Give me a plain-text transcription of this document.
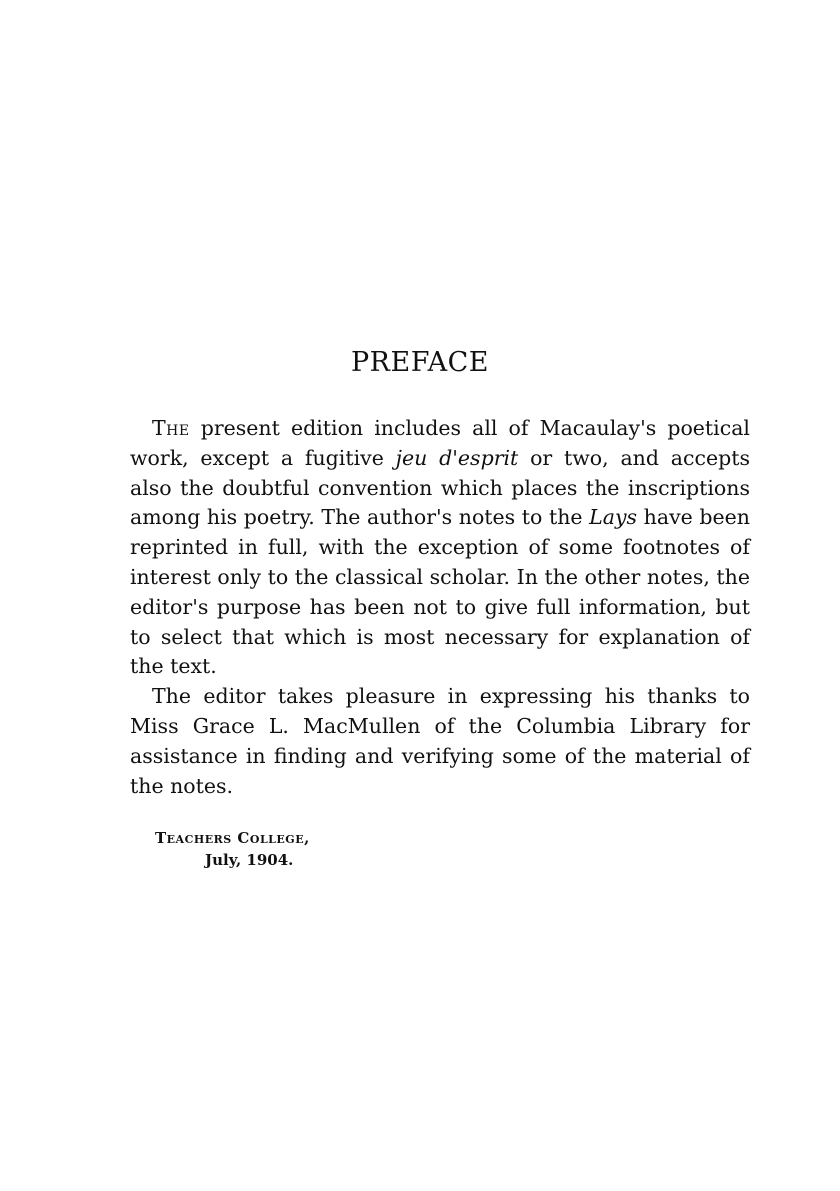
PREFACE

The present edition includes all of Macaulay's poetical work, except a fugitive jeu d'esprit or two, and accepts also the doubtful convention which places the inscriptions among his poetry. The author's notes to the Lays have been reprinted in full, with the exception of some footnotes of interest only to the classical scholar. In the other notes, the editor's purpose has been not to give full information, but to select that which is most necessary for explanation of the text.

The editor takes pleasure in expressing his thanks to Miss Grace L. MacMullen of the Columbia Library for assistance in finding and verifying some of the material of the notes.

Teachers College,
July, 1904.
